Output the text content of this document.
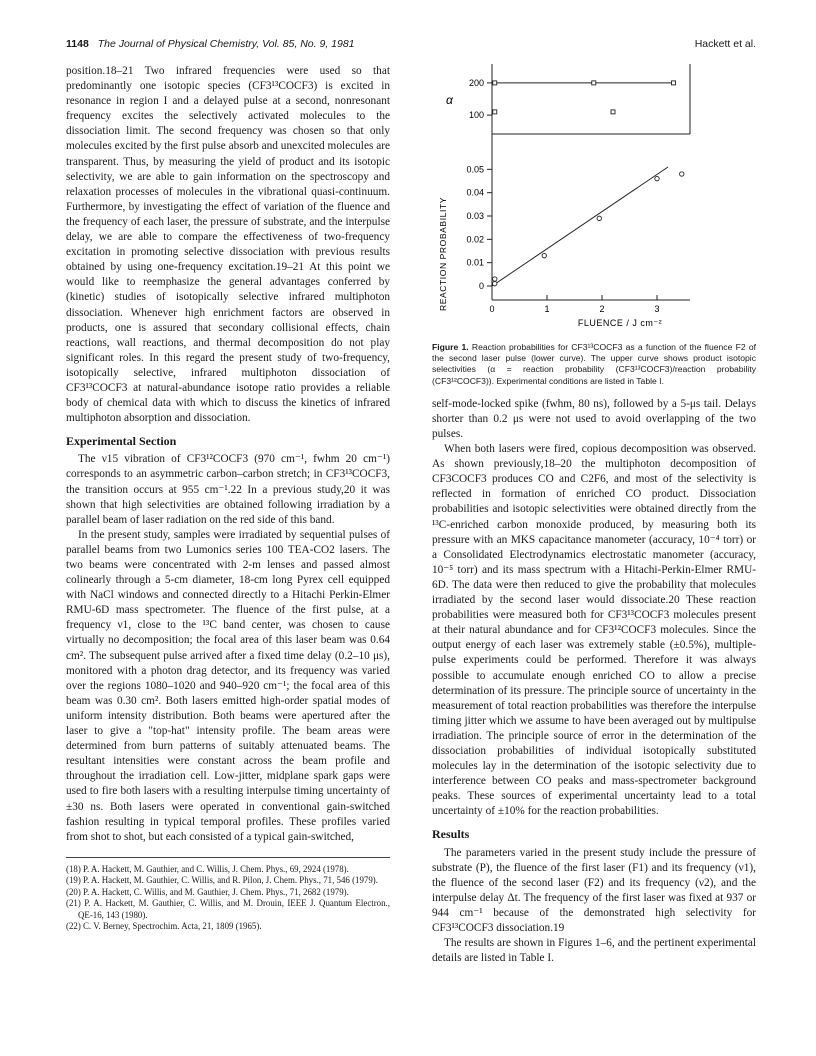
1148 The Journal of Physical Chemistry, Vol. 85, No. 9, 1981	Hackett et al.

position.18–21 Two infrared frequencies were used so that predominantly one isotopic species (CF3¹³COCF3) is excited in resonance in region I and a delayed pulse at a second, nonresonant frequency excites the selectively activated molecules to the dissociation limit. The second frequency was chosen so that only molecules excited by the first pulse absorb and unexcited molecules are transparent. Thus, by measuring the yield of product and its isotopic selectivity, we are able to gain information on the spectroscopy and relaxation processes of molecules in the vibrational quasi-continuum. Furthermore, by investigating the effect of variation of the fluence and the frequency of each laser, the pressure of substrate, and the interpulse delay, we are able to compare the effectiveness of two-frequency excitation in promoting selective dissociation with previous results obtained by using one-frequency excitation.19–21 At this point we would like to reemphasize the general advantages conferred by (kinetic) studies of isotopically selective infrared multiphoton dissociation. Whenever high enrichment factors are observed in products, one is assured that secondary collisional effects, chain reactions, wall reactions, and thermal decomposition do not play significant roles. In this regard the present study of two-frequency, isotopically selective, infrared multiphoton dissociation of CF3¹³COCF3 at natural-abundance isotope ratio provides a reliable body of chemical data with which to discuss the kinetics of infrared multiphoton absorption and dissociation.

Experimental Section

The ν15 vibration of CF3¹²COCF3 (970 cm⁻¹, fwhm 20 cm⁻¹) corresponds to an asymmetric carbon–carbon stretch; in CF3¹³COCF3, the transition occurs at 955 cm⁻¹.22 In a previous study,20 it was shown that high selectivities are obtained following irradiation by a parallel beam of laser radiation on the red side of this band.

In the present study, samples were irradiated by sequential pulses of parallel beams from two Lumonics series 100 TEA-CO2 lasers. The two beams were concentrated with 2-m lenses and passed almost colinearly through a 5-cm diameter, 18-cm long Pyrex cell equipped with NaCl windows and connected directly to a Hitachi Perkin-Elmer RMU-6D mass spectrometer. The fluence of the first pulse, at a frequency ν1, close to the ¹³C band center, was chosen to cause virtually no decomposition; the focal area of this laser beam was 0.64 cm². The subsequent pulse arrived after a fixed time delay (0.2–10 μs), monitored with a photon drag detector, and its frequency was varied over the regions 1080–1020 and 940–920 cm⁻¹; the focal area of this beam was 0.30 cm². Both lasers emitted high-order spatial modes of uniform intensity distribution. Both beams were apertured after the laser to give a "top-hat" intensity profile. The beam areas were determined from burn patterns of suitably attenuated beams. The resultant intensities were constant across the beam profile and throughout the irradiation cell. Low-jitter, midplane spark gaps were used to fire both lasers with a resulting interpulse timing uncertainty of ±30 ns. Both lasers were operated in conventional gain-switched fashion resulting in typical temporal profiles. These profiles varied from shot to shot, but each consisted of a typical gain-switched,

(18) P. A. Hackett, M. Gauthier, and C. Willis, J. Chem. Phys., 69, 2924 (1978).
(19) P. A. Hackett, M. Gauthier, C. Willis, and R. Pilon, J. Chem. Phys., 71, 546 (1979).
(20) P. A. Hackett, C. Willis, and M. Gauthier, J. Chem. Phys., 71, 2682 (1979).
(21) P. A. Hackett, M. Gauthier, C. Willis, and M. Drouin, IEEE J. Quantum Electron., QE-16, 143 (1980).
(22) C. V. Berney, Spectrochim. Acta, 21, 1809 (1965).
100
200
0
0.01
0.02
0.03
0.04
0.05
0	1	2	3
α
REACTION PROBABILITY
FLUENCE / J cm⁻²
Figure 1. Reaction probabilities for CF3¹³COCF3 as a function of the fluence F2 of the second laser pulse (lower curve). The upper curve shows product isotopic selectivities (α = reaction probability (CF3¹³COCF3)/reaction probability (CF3¹²COCF3)). Experimental conditions are listed in Table I.

self-mode-locked spike (fwhm, 80 ns), followed by a 5-μs tail. Delays shorter than 0.2 μs were not used to avoid overlapping of the two pulses.

When both lasers were fired, copious decomposition was observed. As shown previously,18–20 the multiphoton decomposition of CF3COCF3 produces CO and C2F6, and most of the selectivity is reflected in formation of enriched CO product. Dissociation probabilities and isotopic selectivities were obtained directly from the ¹³C-enriched carbon monoxide produced, by measuring both its pressure with an MKS capacitance manometer (accuracy, 10⁻⁴ torr) or a Consolidated Electrodynamics electrostatic manometer (accuracy, 10⁻⁵ torr) and its mass spectrum with a Hitachi-Perkin-Elmer RMU-6D. The data were then reduced to give the probability that molecules irradiated by the second laser would dissociate.20 These reaction probabilities were measured both for CF3¹³COCF3 molecules present at their natural abundance and for CF3¹²COCF3 molecules. Since the output energy of each laser was extremely stable (±0.5%), multiple-pulse experiments could be performed. Therefore it was always possible to accumulate enough enriched CO to allow a precise determination of its pressure. The principle source of uncertainty in the measurement of total reaction probabilities was therefore the interpulse timing jitter which we assume to have been averaged out by multipulse irradiation. The principle source of error in the determination of the dissociation probabilities of individual isotopically substituted molecules lay in the determination of the isotopic selectivity due to interference between CO peaks and mass-spectrometer background peaks. These sources of experimental uncertainty lead to a total uncertainty of ±10% for the reaction probabilities.

Results

The parameters varied in the present study include the pressure of substrate (P), the fluence of the first laser (F1) and its frequency (ν1), the fluence of the second laser (F2) and its frequency (ν2), and the interpulse delay Δt. The frequency of the first laser was fixed at 937 or 944 cm⁻¹ because of the demonstrated high selectivity for CF3¹³COCF3 dissociation.19

The results are shown in Figures 1–6, and the pertinent experimental details are listed in Table I.
